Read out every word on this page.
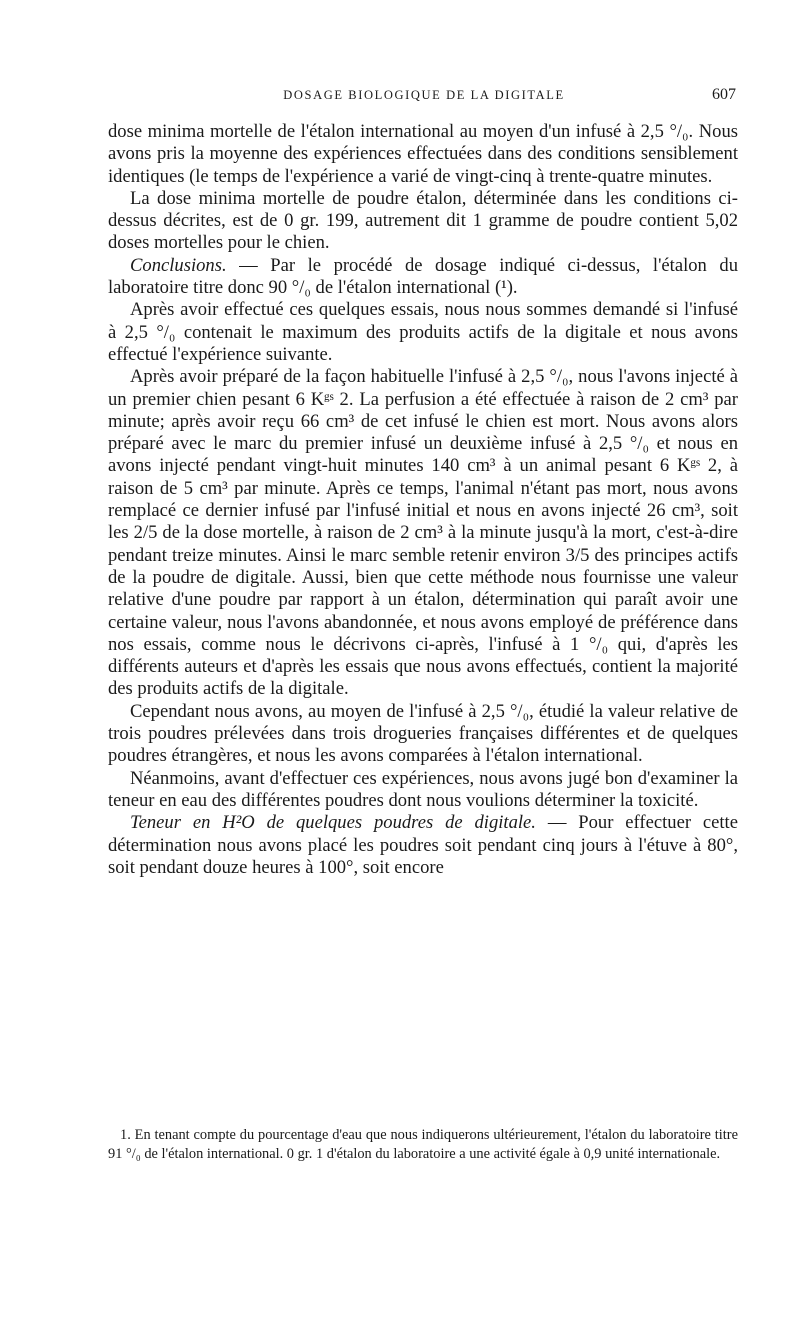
DOSAGE BIOLOGIQUE DE LA DIGITALE	607

dose minima mortelle de l'étalon international au moyen d'un infusé à 2,5 °/₀. Nous avons pris la moyenne des expériences effectuées dans des conditions sensiblement identiques (le temps de l'expérience a varié de vingt-cinq à trente-quatre minutes.

La dose minima mortelle de poudre étalon, déterminée dans les conditions ci-dessus décrites, est de 0 gr. 199, autrement dit 1 gramme de poudre contient 5,02 doses mortelles pour le chien.

Conclusions. — Par le procédé de dosage indiqué ci-dessus, l'étalon du laboratoire titre donc 90 °/₀ de l'étalon international (¹).

Après avoir effectué ces quelques essais, nous nous sommes demandé si l'infusé à 2,5 °/₀ contenait le maximum des produits actifs de la digitale et nous avons effectué l'expérience suivante.

Après avoir préparé de la façon habituelle l'infusé à 2,5 °/₀, nous l'avons injecté à un premier chien pesant 6 Kᵍˢ 2. La perfusion a été effectuée à raison de 2 cm³ par minute; après avoir reçu 66 cm³ de cet infusé le chien est mort. Nous avons alors préparé avec le marc du premier infusé un deuxième infusé à 2,5 °/₀ et nous en avons injecté pendant vingt-huit minutes 140 cm³ à un animal pesant 6 Kᵍˢ 2, à raison de 5 cm³ par minute. Après ce temps, l'animal n'étant pas mort, nous avons remplacé ce dernier infusé par l'infusé initial et nous en avons injecté 26 cm³, soit les 2/5 de la dose mortelle, à raison de 2 cm³ à la minute jusqu'à la mort, c'est-à-dire pendant treize minutes. Ainsi le marc semble retenir environ 3/5 des principes actifs de la poudre de digitale. Aussi, bien que cette méthode nous fournisse une valeur relative d'une poudre par rapport à un étalon, détermination qui paraît avoir une certaine valeur, nous l'avons abandonnée, et nous avons employé de préférence dans nos essais, comme nous le décrivons ci-après, l'infusé à 1 °/₀ qui, d'après les différents auteurs et d'après les essais que nous avons effectués, contient la majorité des produits actifs de la digitale.

Cependant nous avons, au moyen de l'infusé à 2,5 °/₀, étudié la valeur relative de trois poudres prélevées dans trois drogueries françaises différentes et de quelques poudres étrangères, et nous les avons comparées à l'étalon international.

Néanmoins, avant d'effectuer ces expériences, nous avons jugé bon d'examiner la teneur en eau des différentes poudres dont nous voulions déterminer la toxicité.

Teneur en H²O de quelques poudres de digitale. — Pour effectuer cette détermination nous avons placé les poudres soit pendant cinq jours à l'étuve à 80°, soit pendant douze heures à 100°, soit encore

1. En tenant compte du pourcentage d'eau que nous indiquerons ultérieurement, l'étalon du laboratoire titre 91 °/₀ de l'étalon international. 0 gr. 1 d'étalon du laboratoire a une activité égale à 0,9 unité internationale.
